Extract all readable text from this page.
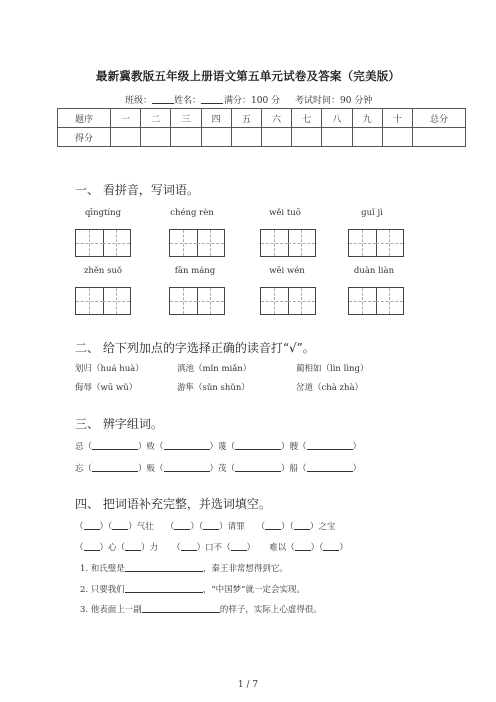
最新冀教版五年级上册语文第五单元试卷及答案（完美版）
班级：	姓名：	满分：100 分 考试时间：90 分钟
题序	一	二	三	四	五	六	七	八	九	十	总分
得分											
一、 看拼音，写词语。
qīngtíng	chéng rèn	wěi tuō	guǐ jì
zhěn suǒ	fān máng	wēi wén	duàn liàn
二、 给下列加点的字选择正确的读音打“√”。
划归（huá huà）	滇池（mǐn miǎn）	蔺相如（lìn lìng）
侮辱（wū wǔ）	游隼（sǔn shǔn）	岔道（chà zhà）
三、 辨字组词。
忌（	）败（	）蔑（	）艘（	）
忘（	）贩（	）茂（	）船（	）
四、 把词语补充完整，并选词填空。
（ ）（ ）气壮 （ ）（ ）请罪 （ ）（ ）之宝
（ ）心（ ）力 （ ）口不（ ） 难以（ ）（ ）
1. 和氏璧是	，秦王非常想得到它。
2. 只要我们	，“中国梦”就一定会实现。
3. 他表面上一副	的样子，实际上心虚得很。
1 / 7
